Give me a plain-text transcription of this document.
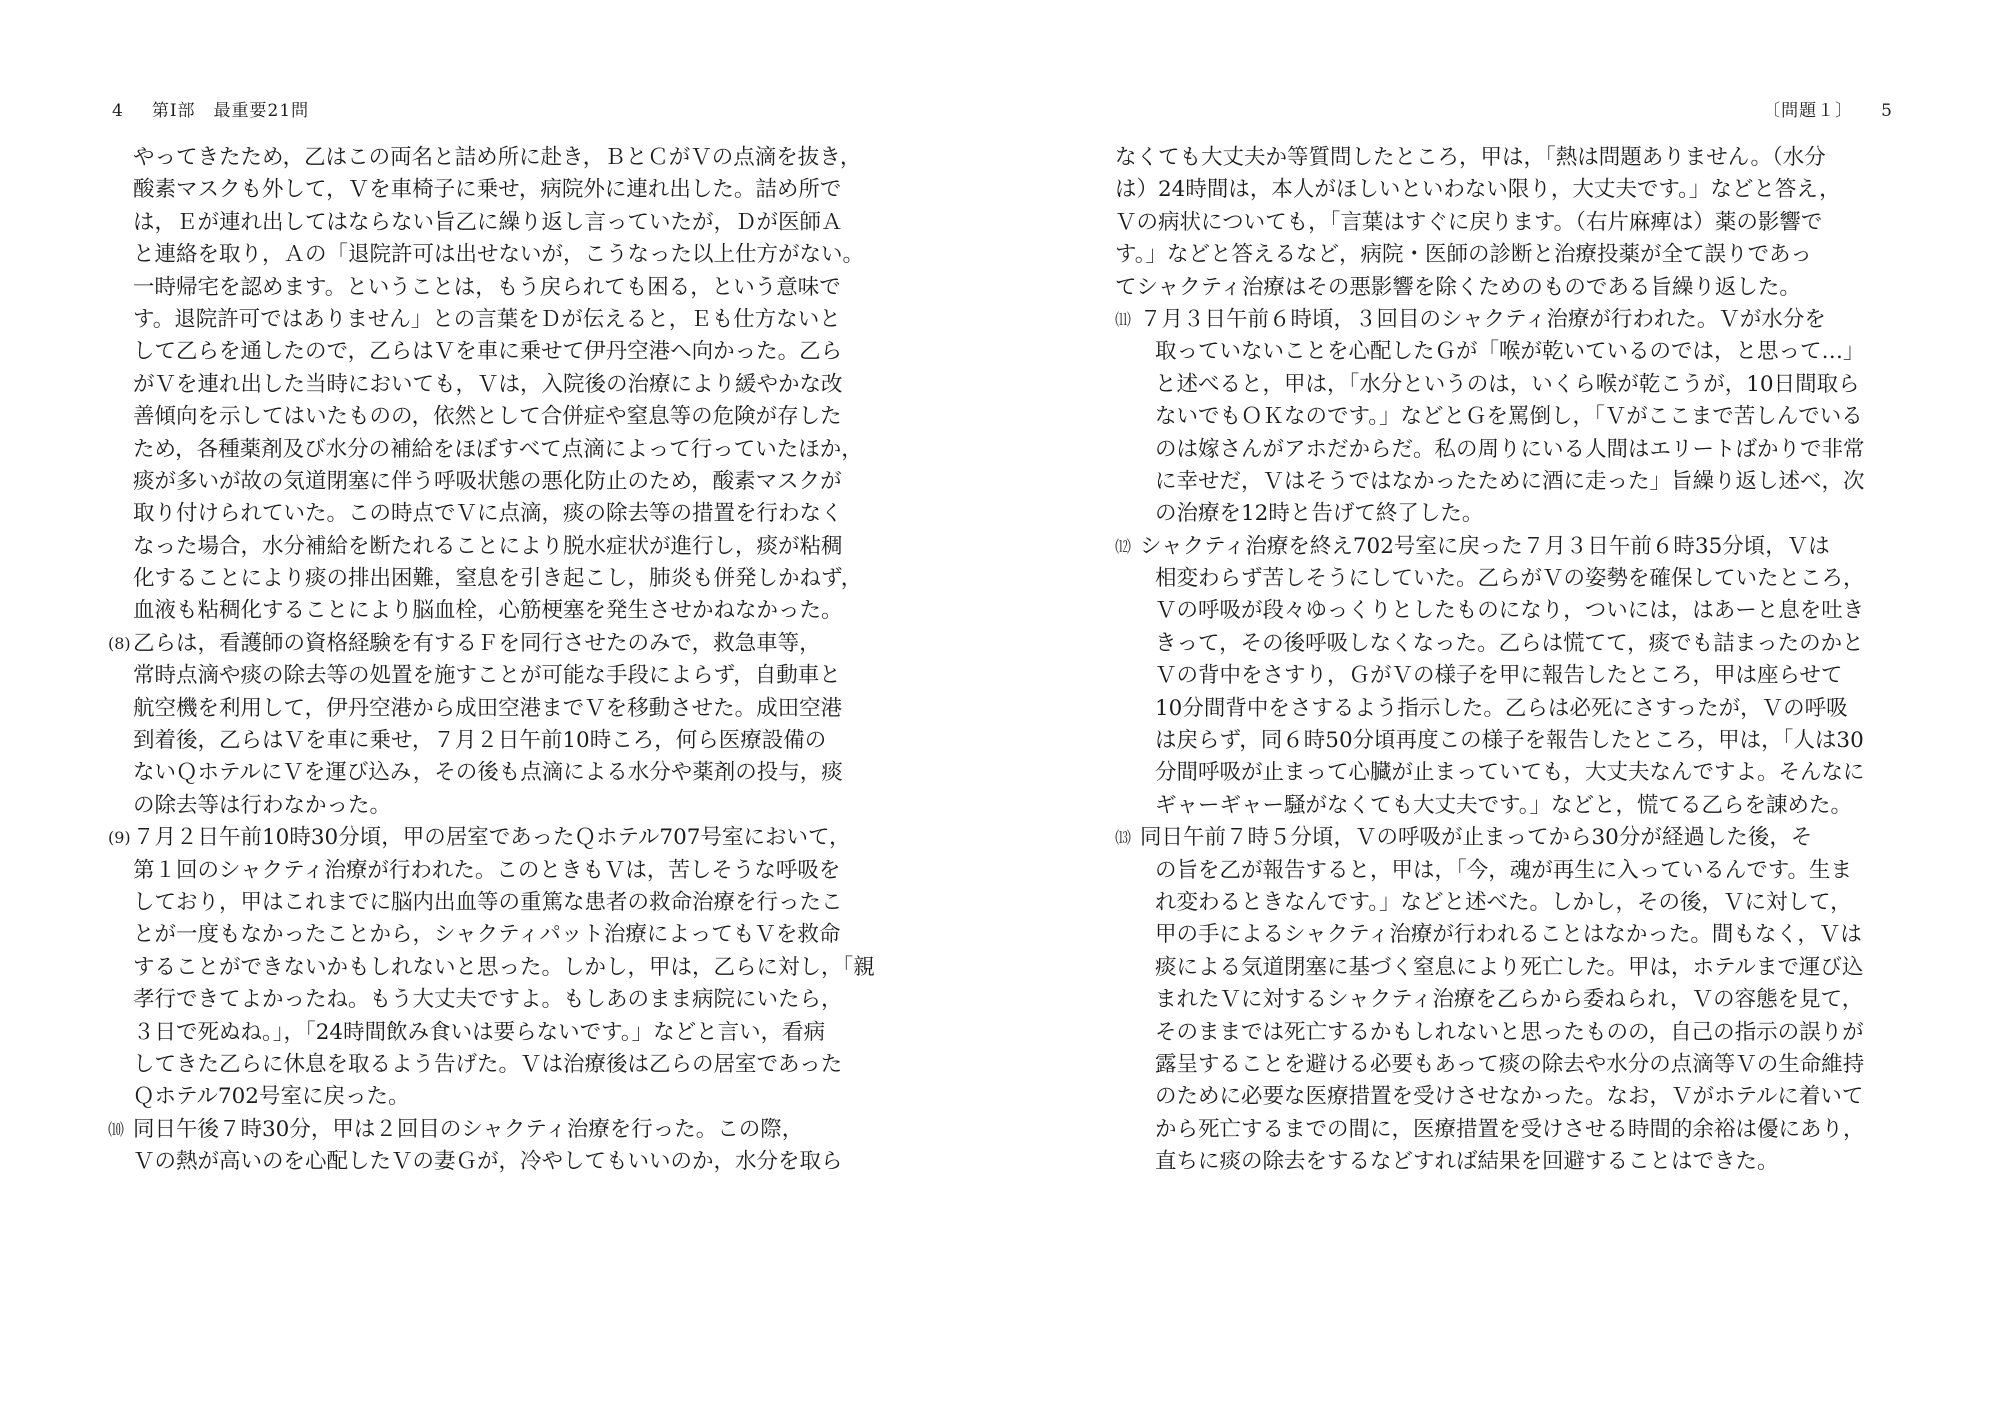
4 第Ⅰ部　最重要21問
やってきたため，乙はこの両名と詰め所に赴き，ＢとＣがＶの点滴を抜き，
酸素マスクも外して，Ｖを車椅子に乗せ，病院外に連れ出した。詰め所で
は，Ｅが連れ出してはならない旨乙に繰り返し言っていたが，Ｄが医師Ａ
と連絡を取り，Ａの「退院許可は出せないが，こうなった以上仕方がない。
一時帰宅を認めます。ということは，もう戻られても困る，という意味で
す。退院許可ではありません」との言葉をＤが伝えると，Ｅも仕方ないと
して乙らを通したので，乙らはＶを車に乗せて伊丹空港へ向かった。乙ら
がＶを連れ出した当時においても，Ｖは，入院後の治療により緩やかな改
善傾向を示してはいたものの，依然として合併症や窒息等の危険が存した
ため，各種薬剤及び水分の補給をほぼすべて点滴によって行っていたほか，
痰が多いが故の気道閉塞に伴う呼吸状態の悪化防止のため，酸素マスクが
取り付けられていた。この時点でＶに点滴，痰の除去等の措置を行わなく
なった場合，水分補給を断たれることにより脱水症状が進行し，痰が粘稠
化することにより痰の排出困難，窒息を引き起こし，肺炎も併発しかねず，
血液も粘稠化することにより脳血栓，心筋梗塞を発生させかねなかった。
(8) 乙らは，看護師の資格経験を有するＦを同行させたのみで，救急車等，
常時点滴や痰の除去等の処置を施すことが可能な手段によらず，自動車と
航空機を利用して，伊丹空港から成田空港までＶを移動させた。成田空港
到着後，乙らはＶを車に乗せ，７月２日午前10時ころ，何ら医療設備の
ないＱホテルにＶを運び込み，その後も点滴による水分や薬剤の投与，痰
の除去等は行わなかった。
(9) ７月２日午前10時30分頃，甲の居室であったＱホテル707号室において，
第１回のシャクティ治療が行われた。このときもＶは，苦しそうな呼吸を
しており，甲はこれまでに脳内出血等の重篤な患者の救命治療を行ったこ
とが一度もなかったことから，シャクティパット治療によってもＶを救命
することができないかもしれないと思った。しかし，甲は，乙らに対し，「親
孝行できてよかったね。もう大丈夫ですよ。もしあのまま病院にいたら，
３日で死ぬね。」，「24時間飲み食いは要らないです。」などと言い，看病
してきた乙らに休息を取るよう告げた。Ｖは治療後は乙らの居室であった
Ｑホテル702号室に戻った。
⑽ 同日午後７時30分，甲は２回目のシャクティ治療を行った。この際，
Ｖの熱が高いのを心配したＶの妻Ｇが，冷やしてもいいのか，水分を取ら
〔問題１〕 5
なくても大丈夫か等質問したところ，甲は，「熱は問題ありません。（水分
は）24時間は，本人がほしいといわない限り，大丈夫です。」などと答え，
Ｖの病状についても，「言葉はすぐに戻ります。（右片麻痺は）薬の影響で
す。」などと答えるなど，病院・医師の診断と治療投薬が全て誤りであっ
てシャクティ治療はその悪影響を除くためのものである旨繰り返した。
⑾ ７月３日午前６時頃，３回目のシャクティ治療が行われた。Ｖが水分を
取っていないことを心配したＧが「喉が乾いているのでは，と思って…」
と述べると，甲は，「水分というのは，いくら喉が乾こうが，10日間取ら
ないでもＯＫなのです。」などとＧを罵倒し，「Ｖがここまで苦しんでいる
のは嫁さんがアホだからだ。私の周りにいる人間はエリートばかりで非常
に幸せだ，Ｖはそうではなかったために酒に走った」旨繰り返し述べ，次
の治療を12時と告げて終了した。
⑿ シャクティ治療を終え702号室に戻った７月３日午前６時35分頃，Ｖは
相変わらず苦しそうにしていた。乙らがＶの姿勢を確保していたところ，
Ｖの呼吸が段々ゆっくりとしたものになり，ついには，はあーと息を吐き
きって，その後呼吸しなくなった。乙らは慌てて，痰でも詰まったのかと
Ｖの背中をさすり，ＧがＶの様子を甲に報告したところ，甲は座らせて
10分間背中をさするよう指示した。乙らは必死にさすったが，Ｖの呼吸
は戻らず，同６時50分頃再度この様子を報告したところ，甲は，「人は30
分間呼吸が止まって心臓が止まっていても，大丈夫なんですよ。そんなに
ギャーギャー騒がなくても大丈夫です。」などと，慌てる乙らを諌めた。
⒀ 同日午前７時５分頃，Ｖの呼吸が止まってから30分が経過した後，そ
の旨を乙が報告すると，甲は，「今，魂が再生に入っているんです。生ま
れ変わるときなんです。」などと述べた。しかし，その後，Ｖに対して，
甲の手によるシャクティ治療が行われることはなかった。間もなく，Ｖは
痰による気道閉塞に基づく窒息により死亡した。甲は，ホテルまで運び込
まれたＶに対するシャクティ治療を乙らから委ねられ，Ｖの容態を見て，
そのままでは死亡するかもしれないと思ったものの，自己の指示の誤りが
露呈することを避ける必要もあって痰の除去や水分の点滴等Ｖの生命維持
のために必要な医療措置を受けさせなかった。なお，Ｖがホテルに着いて
から死亡するまでの間に，医療措置を受けさせる時間的余裕は優にあり，
直ちに痰の除去をするなどすれば結果を回避することはできた。
